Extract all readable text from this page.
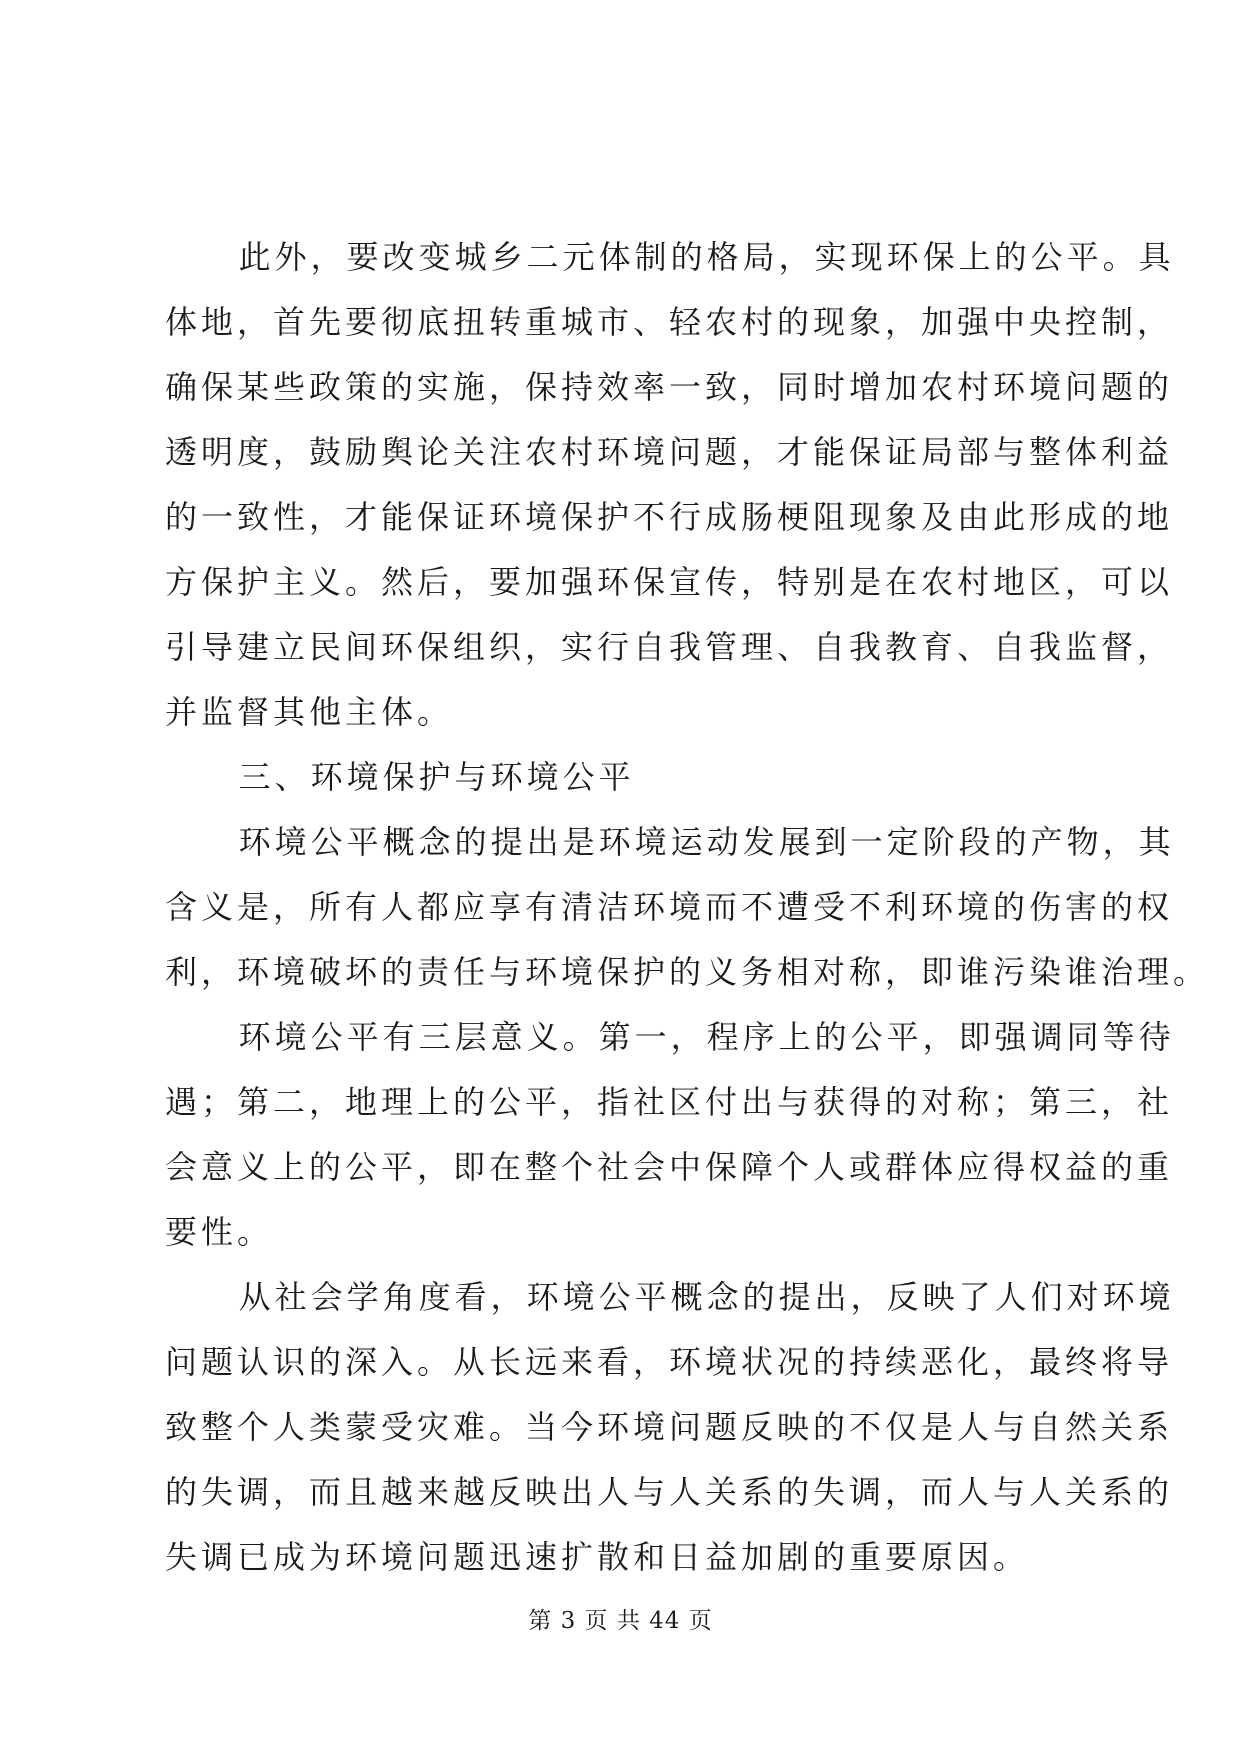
此外，要改变城乡二元体制的格局，实现环保上的公平。具
体地，首先要彻底扭转重城市、轻农村的现象，加强中央控制，
确保某些政策的实施，保持效率一致，同时增加农村环境问题的
透明度，鼓励舆论关注农村环境问题，才能保证局部与整体利益
的一致性，才能保证环境保护不行成肠梗阻现象及由此形成的地
方保护主义。然后，要加强环保宣传，特别是在农村地区，可以
引导建立民间环保组织，实行自我管理、自我教育、自我监督，
并监督其他主体。

三、环境保护与环境公平

环境公平概念的提出是环境运动发展到一定阶段的产物，其
含义是，所有人都应享有清洁环境而不遭受不利环境的伤害的权
利，环境破坏的责任与环境保护的义务相对称，即谁污染谁治理。

环境公平有三层意义。第一，程序上的公平，即强调同等待
遇；第二，地理上的公平，指社区付出与获得的对称；第三，社
会意义上的公平，即在整个社会中保障个人或群体应得权益的重
要性。

从社会学角度看，环境公平概念的提出，反映了人们对环境
问题认识的深入。从长远来看，环境状况的持续恶化，最终将导
致整个人类蒙受灾难。当今环境问题反映的不仅是人与自然关系
的失调，而且越来越反映出人与人关系的失调，而人与人关系的
失调已成为环境问题迅速扩散和日益加剧的重要原因。

第 3 页 共 44 页
